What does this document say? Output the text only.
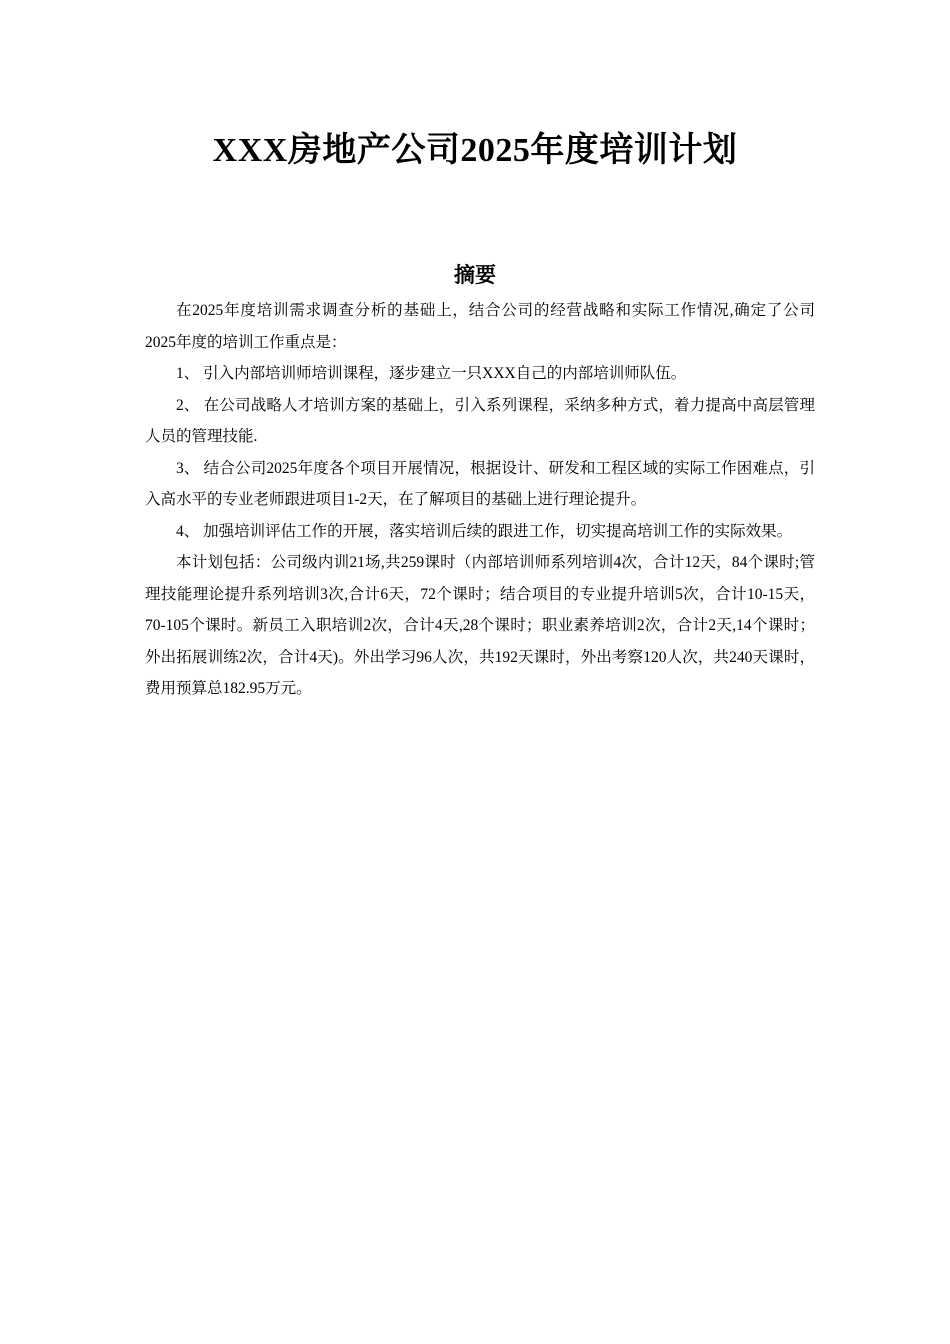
XXX房地产公司2025年度培训计划
摘要

在2025年度培训需求调查分析的基础上，结合公司的经营战略和实际工作情况,确定了公司2025年度的培训工作重点是：

1、 引入内部培训师培训课程，逐步建立一只XXX自己的内部培训师队伍。

2、 在公司战略人才培训方案的基础上，引入系列课程，采纳多种方式，着力提高中高层管理人员的管理技能.

3、 结合公司2025年度各个项目开展情况，根据设计、研发和工程区域的实际工作困难点，引入高水平的专业老师跟进项目1-2天，在了解项目的基础上进行理论提升。

4、 加强培训评估工作的开展，落实培训后续的跟进工作，切实提高培训工作的实际效果。

本计划包括：公司级内训21场,共259课时（内部培训师系列培训4次，合计12天，84个课时;管理技能理论提升系列培训3次,合计6天，72个课时；结合项目的专业提升培训5次，合计10-15天，70-105个课时。新员工入职培训2次，合计4天,28个课时；职业素养培训2次，合计2天,14个课时；外出拓展训练2次，合计4天)。外出学习96人次，共192天课时，外出考察120人次，共240天课时，费用预算总182.95万元。
